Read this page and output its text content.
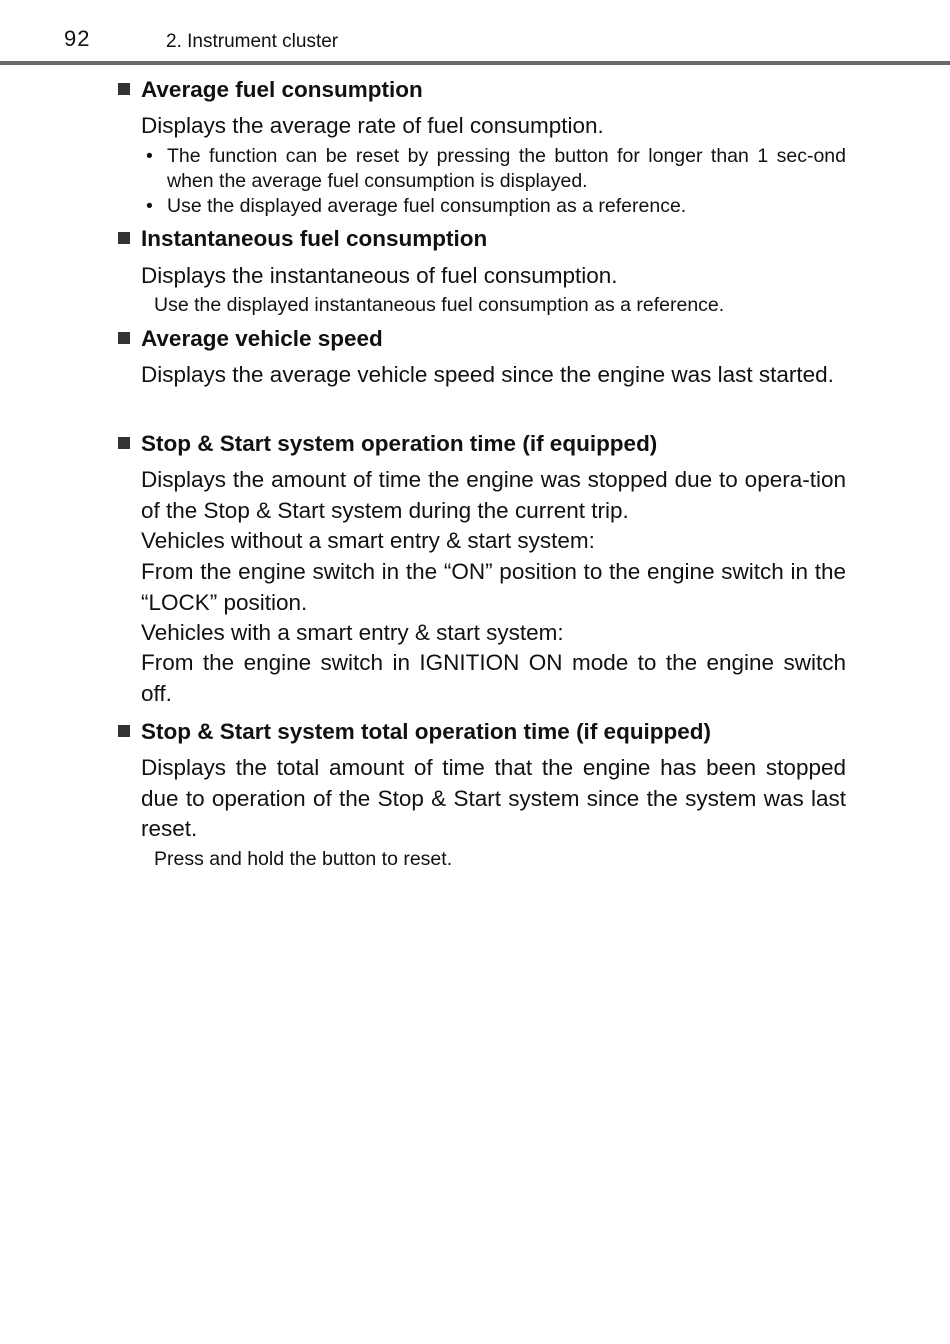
92	2. Instrument cluster
Average fuel consumption

Displays the average rate of fuel consumption.

• The function can be reset by pressing the button for longer than 1 sec-ond when the average fuel consumption is displayed.
• Use the displayed average fuel consumption as a reference.
Instantaneous fuel consumption

Displays the instantaneous of fuel consumption.

Use the displayed instantaneous fuel consumption as a reference.

Average vehicle speed

Displays the average vehicle speed since the engine was last started.

Stop & Start system operation time (if equipped)

Displays the amount of time the engine was stopped due to opera-tion of the Stop & Start system during the current trip.

Vehicles without a smart entry & start system:

From the engine switch in the “ON” position to the engine switch in the “LOCK” position.

Vehicles with a smart entry & start system:

From the engine switch in IGNITION ON mode to the engine switch off.

Stop & Start system total operation time (if equipped)

Displays the total amount of time that the engine has been stopped due to operation of the Stop & Start system since the system was last reset.

Press and hold the button to reset.
